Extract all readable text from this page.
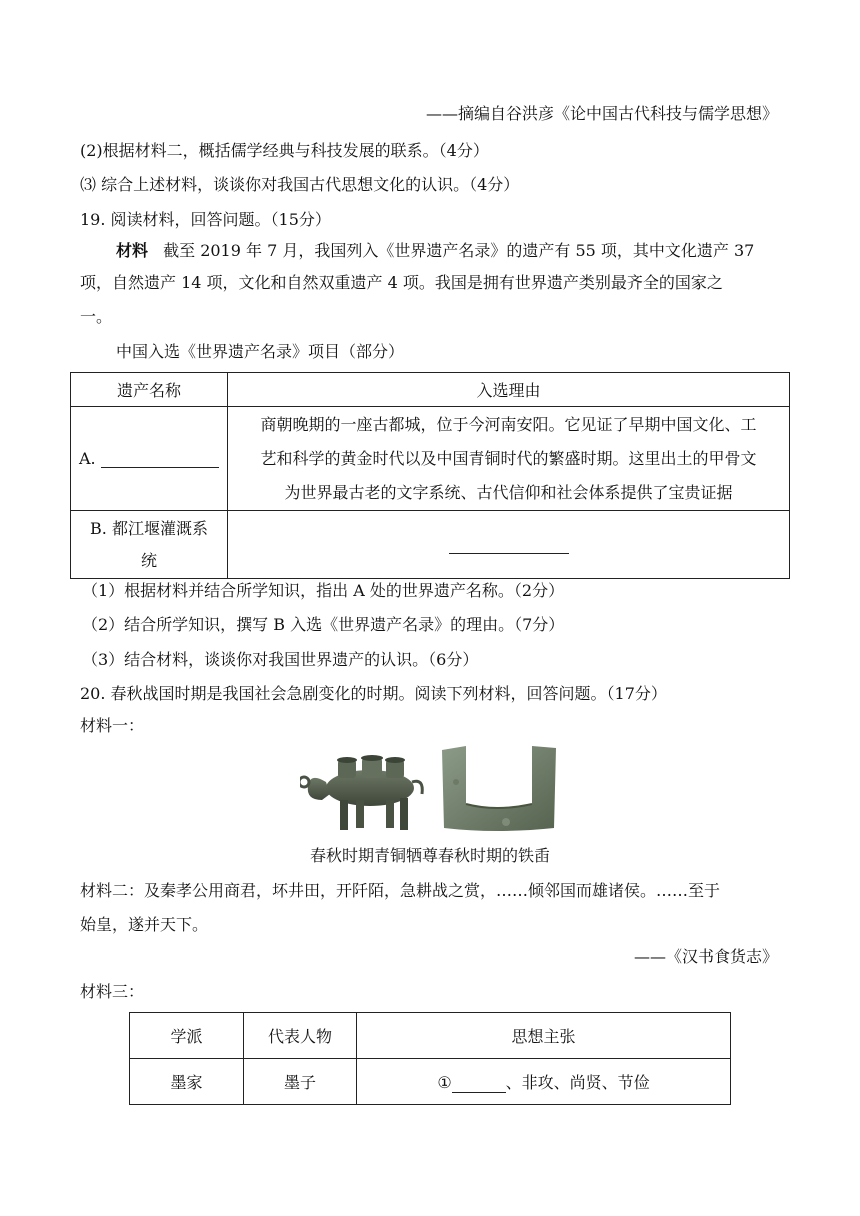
——摘编自谷洪彦《论中国古代科技与儒学思想》
(2)根据材料二，概括儒学经典与科技发展的联系。（4分）
⑶ 综合上述材料，谈谈你对我国古代思想文化的认识。（4分）
19. 阅读材料，回答问题。（15分）
材料 截至 2019 年 7 月，我国列入《世界遗产名录》的遗产有 55 项，其中文化遗产 37
项，自然遗产 14 项，文化和自然双重遗产 4 项。我国是拥有世界遗产类别最齐全的国家之
一。
中国入选《世界遗产名录》项目（部分）
遗产名称	入选理由
A.	商朝晚期的一座古都城，位于今河南安阳。它见证了早期中国文化、工
艺和科学的黄金时代以及中国青铜时代的繁盛时期。这里出土的甲骨文
为世界最古老的文字系统、古代信仰和社会体系提供了宝贵证据

B. 都江堰灌溉系
统	

（1）根据材料并结合所学知识，指出 A 处的世界遗产名称。（2分）
（2）结合所学知识，撰写 B 入选《世界遗产名录》的理由。（7分）
（3）结合材料，谈谈你对我国世界遗产的认识。（6分）
20. 春秋战国时期是我国社会急剧变化的时期。阅读下列材料，回答问题。（17分）
材料一：
春秋时期青铜牺尊春秋时期的铁臿
材料二：及秦孝公用商君，坏井田，开阡陌，急耕战之赏，……倾邻国而雄诸侯。……至于
始皇，遂并天下。
——《汉书食货志》
材料三：
学派	代表人物	思想主张
墨家	墨子	① 、非攻、尚贤、节俭
